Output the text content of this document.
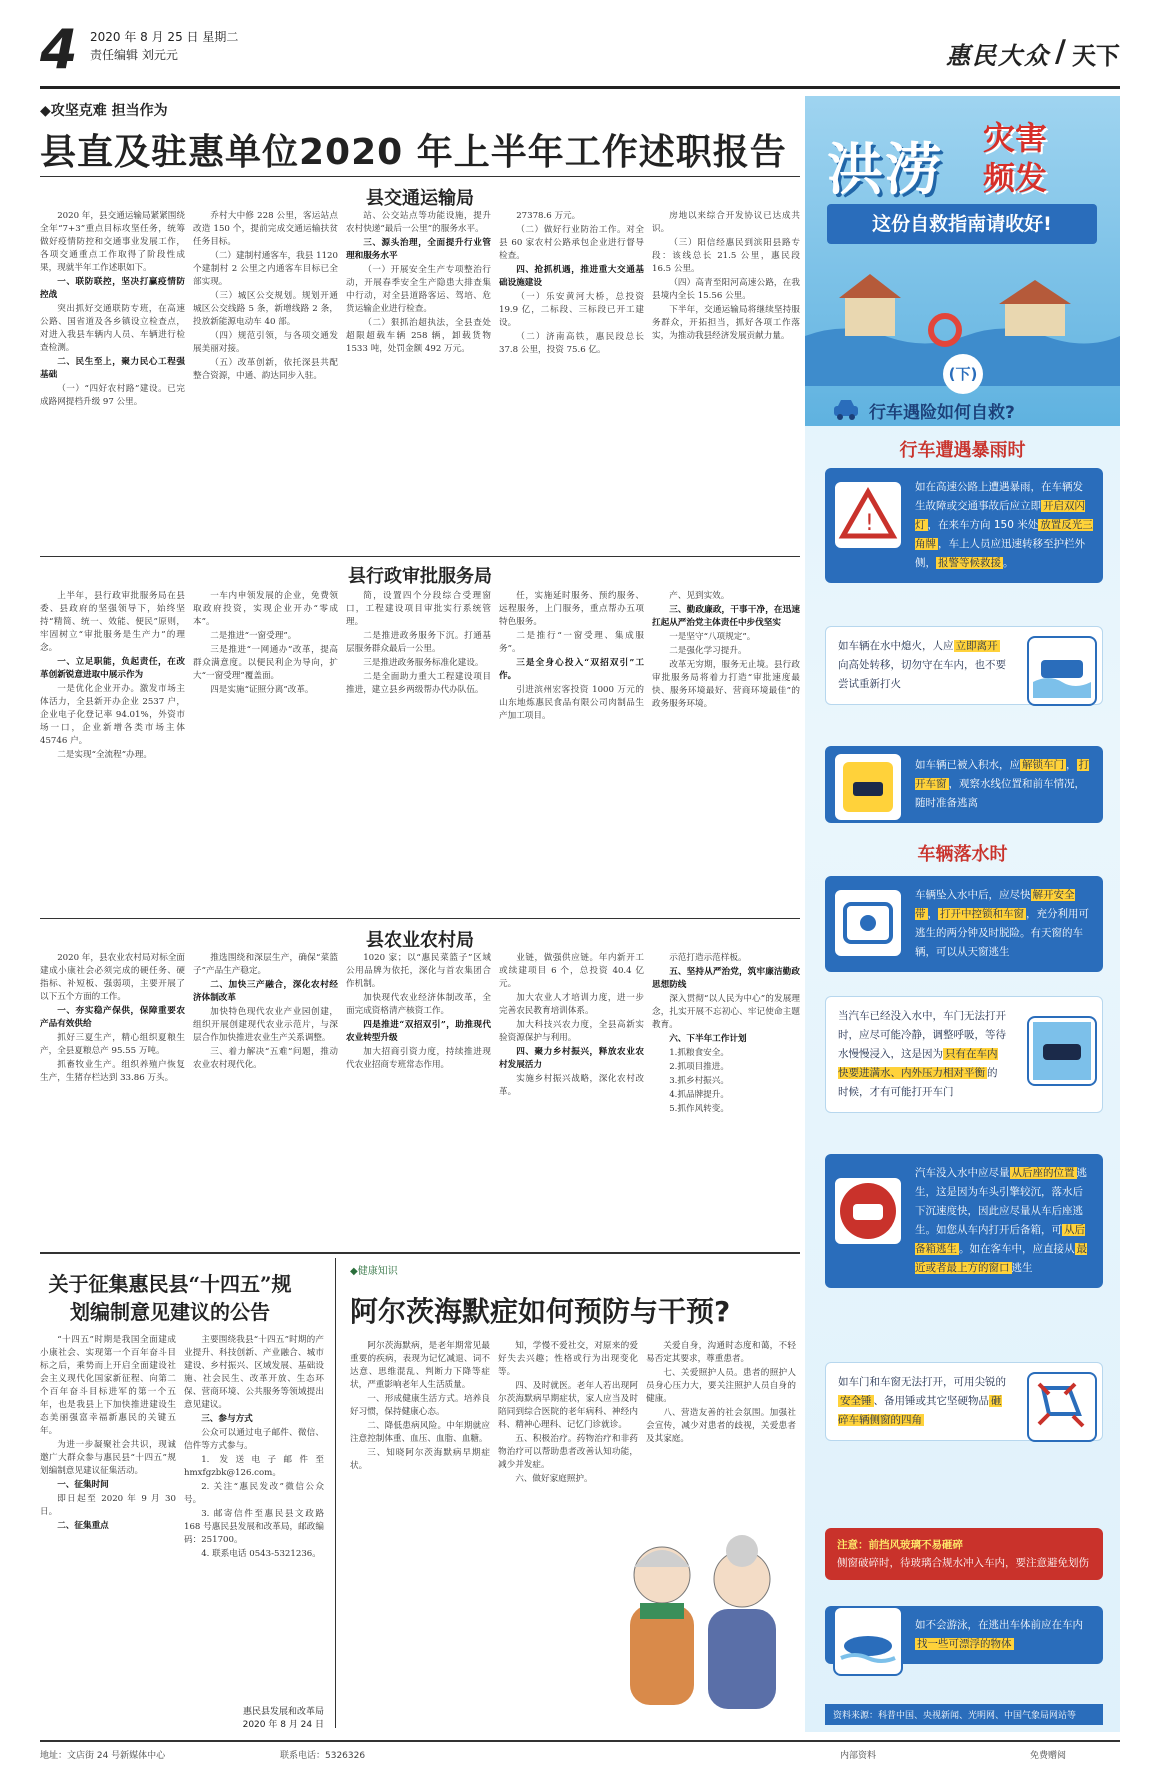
4 2020 年 8 月 25 日 星期二
责任编辑 刘元元	惠民大众 / 天下
◆攻坚克难 担当作为
县直及驻惠单位2020 年上半年工作述职报告
县交通运输局

2020 年，县交通运输局紧紧围绕全年“7+3”重点目标攻坚任务，统筹做好疫情防控和交通事业发展工作，各项交通重点工作取得了阶段性成果，现就半年工作述职如下。

一、联防联控，坚决打赢疫情防控战

突出抓好交通联防专班，在高速公路、国省道及各乡镇设立检查点，对进入我县车辆内人员、车辆进行检查检测。

二、民生至上，聚力民心工程强基础

（一）“四好农村路”建设。已完成路网提档升级 97 公里。

乔村大中修 228 公里，客运站点改造 150 个，提前完成交通运输扶贫任务目标。

（二）建制村通客车，我县 1120 个建制村 2 公里之内通客车目标已全部实现。

（三）城区公交规划。规划开通城区公交线路 5 条，新增线路 2 条，投放新能源电动车 40 部。

（四）规范引领，与各项交通发展美丽对接。

（五）改革创新，依托深县共配整合资源，中通、韵达同步入驻。

站、公交站点等功能设施，提升农村快递“最后一公里”的服务水平。

三、源头治理，全面提升行业管理和服务水平

（一）开展安全生产专项整治行动，开展春季安全生产隐患大排查集中行动，对全县道路客运、驾培、危货运输企业进行检查。

（二）狠抓治超执法，全县查处超限超载车辆 258 辆，卸载货物 1533 吨，处罚金额 492 万元。

27378.6 万元。

（二）做好行业防治工作。对全县 60 家农村公路承包企业进行督导检查。

四、抢抓机遇，推进重大交通基础设施建设

（一）乐安黄河大桥，总投资 19.9 亿，二标段、三标段已开工建设。

（二）济南高铁，惠民段总长 37.8 公里，投资 75.6 亿。

房地以来综合开发协议已达成共识。

（三）阳信经惠民到滨阳县路专段：该线总长 21.5 公里，惠民段 16.5 公里。

（四）高青至阳河高速公路，在我县境内全长 15.56 公里。

下半年，交通运输局将继续坚持服务群众，开拓担当，抓好各项工作落实，为推动我县经济发展贡献力量。

县行政审批服务局

上半年，县行政审批服务局在县委、县政府的坚强领导下，始终坚持“精简、统一、效能、便民”原则，牢固树立“审批服务是生产力”的理念。

一、立足职能，负起责任，在改革创新锐意进取中展示作为

一是优化企业开办。激发市场主体活力，全县新开办企业 2537 户，企业电子化登记率 94.01%，外资市场一口，企业新增各类市场主体 45746 户。

二是实现“全流程”办理。

一车内申领发展的企业，免费领取政府投资，实现企业开办“零成本”。

二是推进“一窗受理”。

三是推进“一网通办”改革，提高群众满意度。以便民利企为导向，扩大“一窗受理”覆盖面。

四是实施“证照分离”改革。

简，设置四个分段综合受理窗口，工程建设项目审批实行系统管理。

二是推进政务服务下沉。打通基层服务群众最后一公里。

三是推进政务服务标准化建设。

二是全面助力重大工程建设项目推进，建立县乡两级帮办代办队伍。

任，实施延时服务、预约服务、远程服务，上门服务，重点帮办五项特色服务。

二是推行“一窗受理、集成服务”。

三是全身心投入“双招双引”工作。

引进滨州宏客投资 1000 万元的山东地炼惠民食品有限公司肉制品生产加工项目。

产、见到实效。

三、勤政廉政，干事干净，在迅速扛起从严治党主体责任中步伐坚实

一是坚守“八项规定”。

二是强化学习提升。

改革无穷期，服务无止境。县行政审批服务局将着力打造“审批速度最快、服务环境最好、营商环境最佳”的政务服务环境。

县农业农村局

2020 年，县农业农村局对标全面建成小康社会必须完成的硬任务、硬指标、补短板、强弱项，主要开展了以下五个方面的工作。

一、夯实稳产保供，保障重要农产品有效供给

抓好三夏生产，精心组织夏粮生产，全县夏粮总产 95.55 万吨。

抓畜牧业生产。组织养殖户恢复生产，生猪存栏达到 33.86 万头。

推选围绕和深层生产，确保“菜篮子”产品生产稳定。

二、加快三产融合，深化农村经济体制改革

加快特色现代农业产业园创建，组织开展创建现代农业示范片，与深层合作加快推进农业生产关系调整。

三、着力解决“五难”问题，推动农业农村现代化。

1020 家；以“惠民菜篮子”区域公用品牌为依托，深化与首农集团合作机制。

加快现代农业经济体制改革，全面完成资格清产核资工作。

四是推进“双招双引”，助推现代农业转型升级

加大招商引资力度，持续推进现代农业招商专班常态作用。

业链，做强供应链。年内新开工或续建项目 6 个，总投资 40.4 亿元。

加大农业人才培训力度，进一步完善农民教育培训体系。

加大科技兴农力度，全县高新实验资源保护与利用。

四、聚力乡村振兴，释放农业农村发展活力

实施乡村振兴战略，深化农村改革。

示范打造示范样板。

五、坚持从严治党，筑牢廉洁勤政思想防线

深入贯彻“以人民为中心”的发展理念，扎实开展不忘初心、牢记使命主题教育。

六、下半年工作计划

1.抓粮食安全。

2.抓项目推进。

3.抓乡村振兴。

4.抓品牌提升。

5.抓作风转变。

关于征集惠民县“十四五”规划编制意见建议的公告

“十四五”时期是我国全面建成小康社会、实现第一个百年奋斗目标之后，乘势而上开启全面建设社会主义现代化国家新征程、向第二个百年奋斗目标进军的第一个五年，也是我县上下加快推进建设生态美丽强富幸福新惠民的关键五年。

为进一步凝聚社会共识，现诚邀广大群众参与惠民县“十四五”规划编制意见建议征集活动。

一、征集时间

即日起至 2020 年 9 月 30 日。

二、征集重点

主要围绕我县“十四五”时期的产业提升、科技创新、产业融合、城市建设、乡村振兴、区域发展、基础设施、社会民生、改革开放、生态环保、营商环境、公共服务等领域提出意见建议。

三、参与方式

公众可以通过电子邮件、微信、信件等方式参与。

1. 发送电子邮件至 hmxfgzbk@126.com。

2. 关注“惠民发改”微信公众号。

3. 邮寄信件至惠民县文政路 168 号惠民县发展和改革局，邮政编码：251700。

4. 联系电话 0543-5321236。

惠民县发展和改革局
2020 年 8 月 24 日
◆健康知识
阿尔茨海默症如何预防与干预?

阿尔茨海默病，是老年期常见最重要的疾病，表现为记忆减退、词不达意、思维混乱、判断力下降等症状，严重影响老年人生活质量。

一、形成健康生活方式。培养良好习惯，保持健康心态。

二、降低患病风险。中年期就应注意控制体重、血压、血脂、血糖。

三、知晓阿尔茨海默病早期症状。

知，学慢不爱社交，对原来的爱好失去兴趣；性格或行为出现变化等。

四、及时就医。老年人若出现阿尔茨海默病早期症状，家人应当及时陪同到综合医院的老年病科、神经内科、精神心理科、记忆门诊就诊。

五、积极治疗。药物治疗和非药物治疗可以帮助患者改善认知功能，减少并发症。

六、做好家庭照护。

关爱自身，沟通时态度和蔼，不轻易否定其要求，尊重患者。

七、关爱照护人员。患者的照护人员身心压力大，要关注照护人员自身的健康。

八、营造友善的社会氛围。加强社会宣传，减少对患者的歧视，关爱患者及其家庭。

洪涝 灾害
频发
这份自救指南请收好!
(下)
行车遇险如何自救?
行车遭遇暴雨时
如在高速公路上遭遇暴雨，在车辆发生故障或交通事故后应立即 开启双闪灯 ，在来车方向 150 米处 放置反光三角牌 ，车上人员应迅速转移至护栏外侧， 报警等候救援 。
!
如车辆在水中熄火，人应 立即离开向高处转移，切勿守在车内，也不要尝试重新打火
如车辆已被入积水，应 解锁车门 ， 打开车窗 ，观察水线位置和前车情况，随时准备逃离
车辆落水时
车辆坠入水中后，应尽快 解开安全带 ， 打开中控锁和车窗 ，充分利用可逃生的两分钟及时脱险。有天窗的车辆，可以从天窗逃生
当汽车已经没入水中，车门无法打开时，应尽可能冷静，调整呼吸，等待水慢慢浸入，这是因为 只有在车内快要进满水、内外压力相对平衡 的时候，才有可能打开车门
汽车没入水中应尽量 从后座的位置 逃生，这是因为车头引擎较沉，落水后下沉速度快，因此应尽量从车后座逃生。如您从车内打开后备箱，可 从后备箱逃生 。如在客车中，应直接从 最近或者最上方的窗口 逃生
如车门和车窗无法打开，可用尖锐的安全锤 、备用锤或其它坚硬物品 砸碎车辆侧窗的四角
注意：前挡风玻璃不易砸碎
侧窗破碎时，待玻璃合规水冲入车内，要注意避免划伤
如不会游泳，在逃出车体前应在车内找一些可漂浮的物体
资料来源：科普中国、央视新闻、光明网、中国气象局网站等
地址：文店街 24 号新媒体中心	联系电话：5326326	内部资料	免费赠阅
